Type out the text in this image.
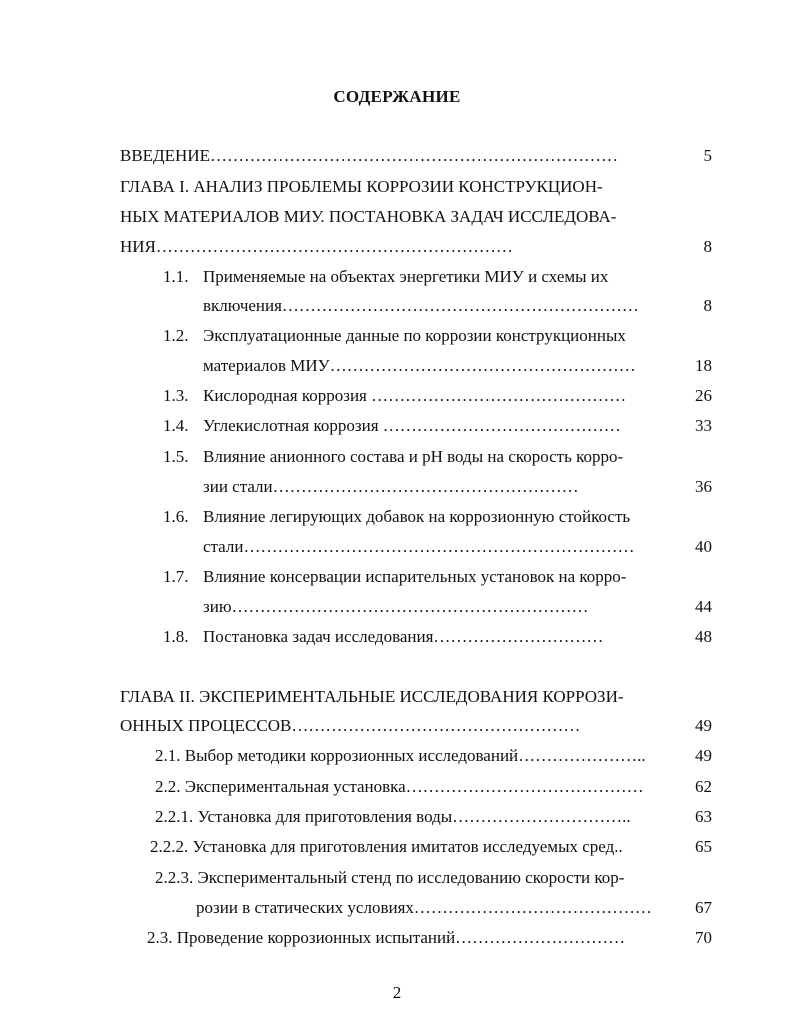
СОДЕРЖАНИЕ
ВВЕДЕНИЕ………………………………………………………………	5
ГЛАВА I. АНАЛИЗ ПРОБЛЕМЫ КОРРОЗИИ КОНСТРУКЦИОН-
НЫХ МАТЕРИАЛОВ МИУ. ПОСТАНОВКА ЗАДАЧ ИССЛЕДОВА-
НИЯ………………………………………………………	8
1.1. Применяемые на объектах энергетики МИУ и схемы их
включения………………………………………………………	8
1.2. Эксплуатационные данные по коррозии конструкционных
материалов МИУ………………………………………………	18
1.3. Кислородная коррозия ………………………………………	26
1.4. Углекислотная коррозия ……………………………………	33
1.5. Влияние анионного состава и pH воды на скорость корро-
зии стали………………………………………………	36
1.6. Влияние легирующих добавок на коррозионную стойкость
стали……………………………………………………………	40
1.7. Влияние консервации испарительных установок на корро-
зию………………………………………………………	44
1.8. Постановка задач исследования…………………………	48
ГЛАВА II. ЭКСПЕРИМЕНТАЛЬНЫЕ ИССЛЕДОВАНИЯ КОРРОЗИ-
ОННЫХ ПРОЦЕССОВ……………………………………………	49
2.1. Выбор методики коррозионных исследований…………………..	49
2.2. Экспериментальная установка……………………………………	62
2.2.1. Установка для приготовления воды…………………………..	63
2.2.2. Установка для приготовления имитатов исследуемых сред..	65
2.2.3. Экспериментальный стенд по исследованию скорости кор-
розии в статических условиях……………………………………	67
2.3. Проведение коррозионных испытаний…………………………	70
2
